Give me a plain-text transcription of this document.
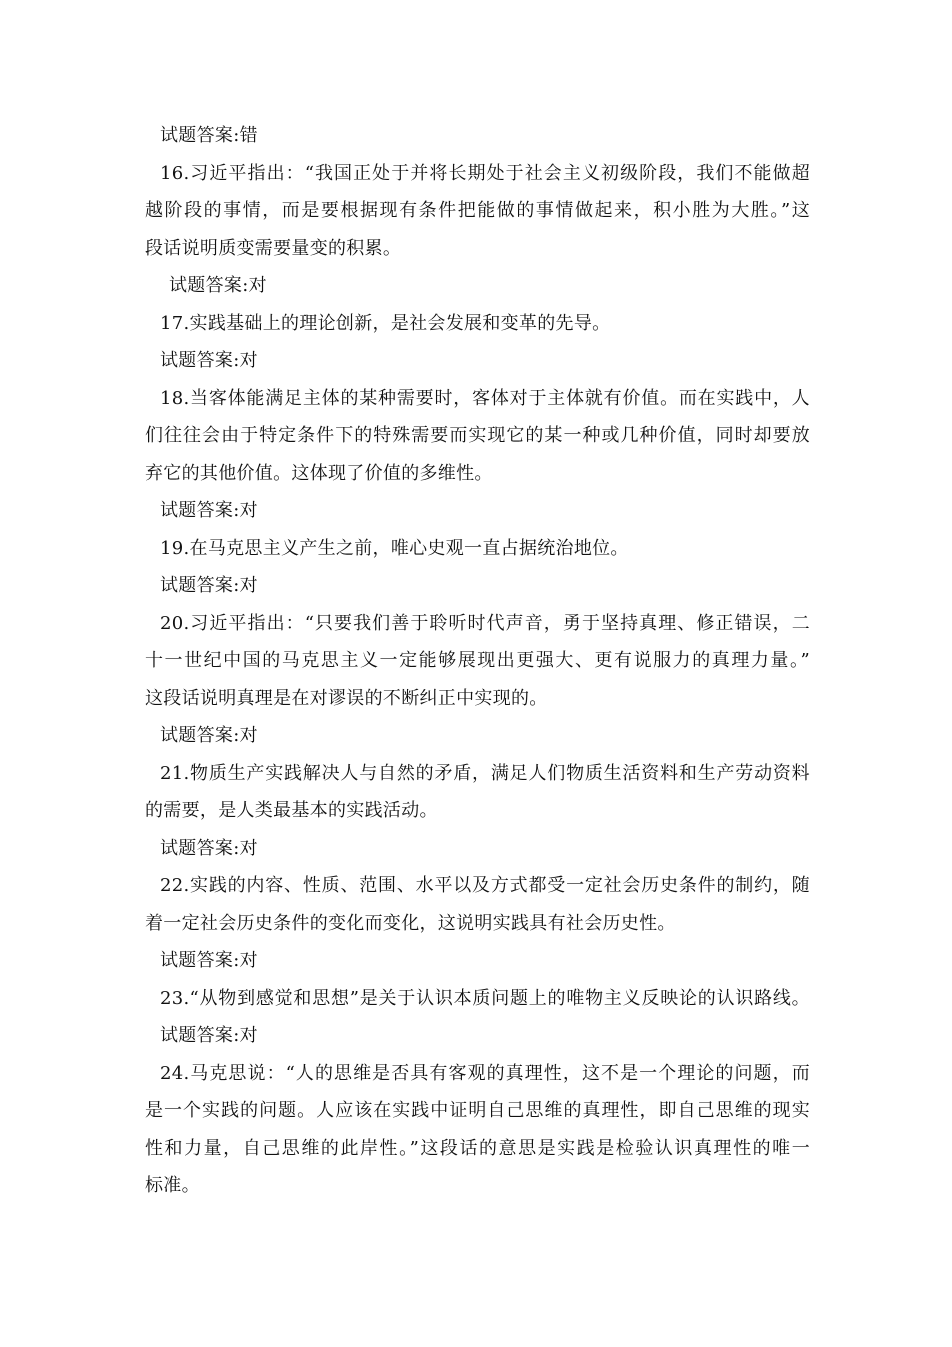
试题答案:错
16.习近平指出：“我国正处于并将长期处于社会主义初级阶段，我们不能做超
越阶段的事情，而是要根据现有条件把能做的事情做起来，积小胜为大胜。”这
段话说明质变需要量变的积累。
试题答案:对
17.实践基础上的理论创新，是社会发展和变革的先导。
试题答案:对
18.当客体能满足主体的某种需要时，客体对于主体就有价值。而在实践中，人
们往往会由于特定条件下的特殊需要而实现它的某一种或几种价值，同时却要放
弃它的其他价值。这体现了价值的多维性。
试题答案:对
19.在马克思主义产生之前，唯心史观一直占据统治地位。
试题答案:对
20.习近平指出：“只要我们善于聆听时代声音，勇于坚持真理、修正错误，二
十一世纪中国的马克思主义一定能够展现出更强大、更有说服力的真理力量。”
这段话说明真理是在对谬误的不断纠正中实现的。
试题答案:对
21.物质生产实践解决人与自然的矛盾，满足人们物质生活资料和生产劳动资料
的需要，是人类最基本的实践活动。
试题答案:对
22.实践的内容、性质、范围、水平以及方式都受一定社会历史条件的制约，随
着一定社会历史条件的变化而变化，这说明实践具有社会历史性。
试题答案:对
23.“从物到感觉和思想”是关于认识本质问题上的唯物主义反映论的认识路线。
试题答案:对
24.马克思说：“人的思维是否具有客观的真理性，这不是一个理论的问题，而
是一个实践的问题。人应该在实践中证明自己思维的真理性，即自己思维的现实
性和力量，自己思维的此岸性。”这段话的意思是实践是检验认识真理性的唯一
标准。
